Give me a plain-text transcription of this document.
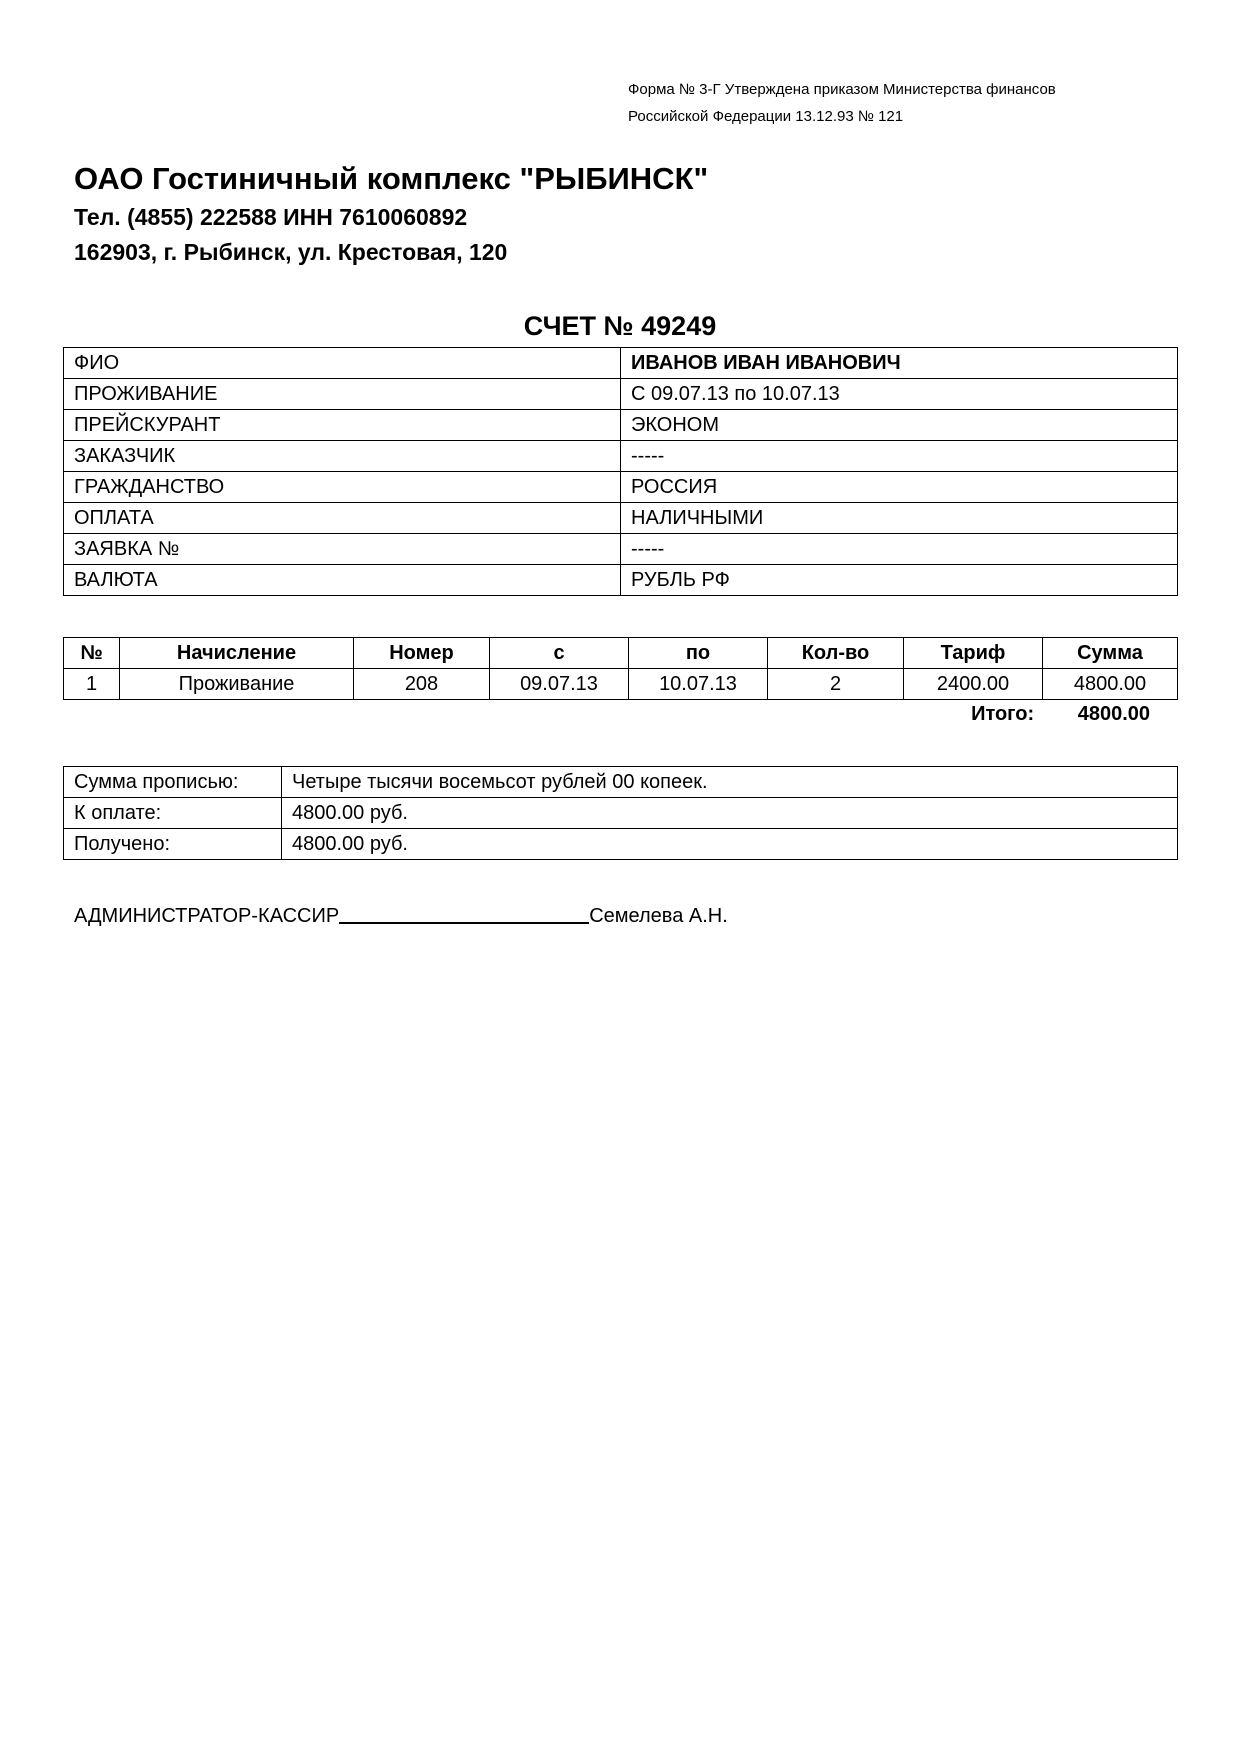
Форма № 3-Г Утверждена приказом Министерства финансов
Российской Федерации 13.12.93 № 121
ОАО Гостиничный комплекс "РЫБИНСК"
Тел. (4855) 222588 ИНН 7610060892
162903, г. Рыбинск, ул. Крестовая, 120
СЧЕТ № 49249
ФИО	ИВАНОВ ИВАН ИВАНОВИЧ
ПРОЖИВАНИЕ	С 09.07.13 по 10.07.13
ПРЕЙСКУРАНТ	ЭКОНОМ
ЗАКАЗЧИК	-----
ГРАЖДАНСТВО	РОССИЯ
ОПЛАТА	НАЛИЧНЫМИ
ЗАЯВКА №	-----
ВАЛЮТА	РУБЛЬ РФ
№	Начисление	Номер	с	по	Кол-во	Тариф	Сумма
1	Проживание	208	09.07.13	10.07.13	2	2400.00	4800.00
Итого: 4800.00
Сумма прописью:	Четыре тысячи восемьсот рублей 00 копеек.
К оплате:	4800.00 руб.
Получено:	4800.00 руб.
АДМИНИСТРАТОР-КАССИР	Семелева А.Н.
